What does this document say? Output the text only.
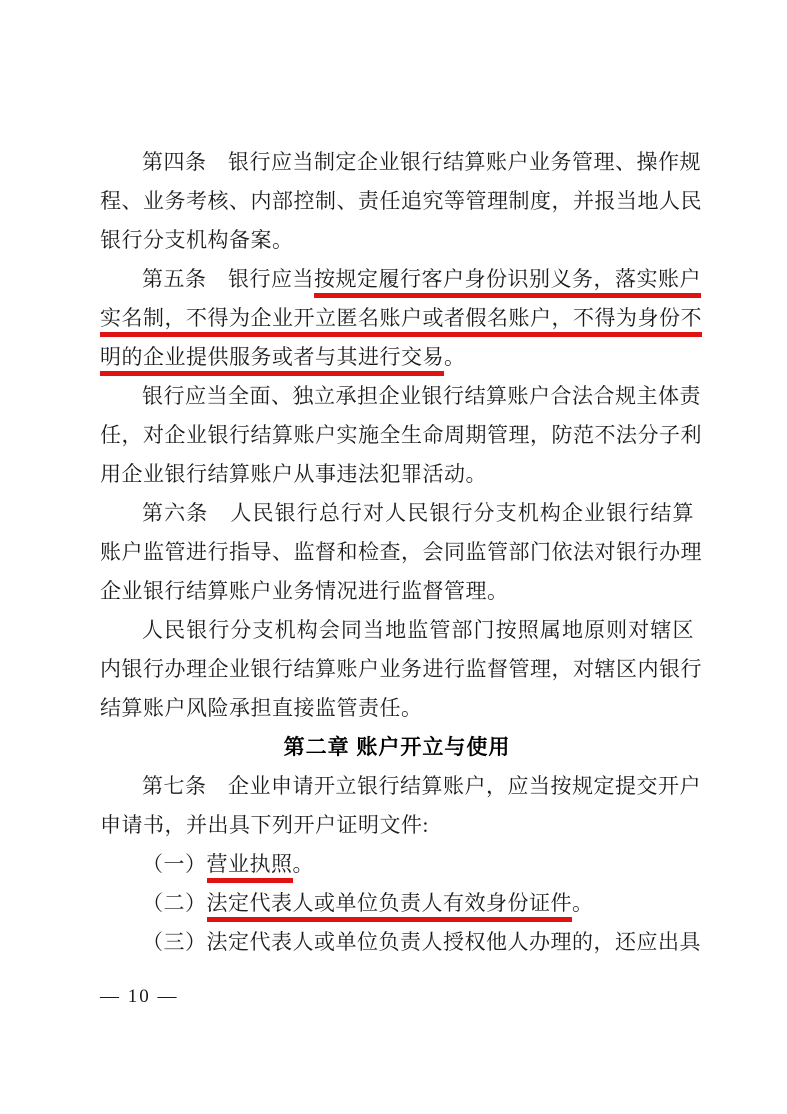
第四条　银行应当制定企业银行结算账户业务管理、操作规
程、业务考核、内部控制、责任追究等管理制度，并报当地人民
银行分支机构备案。
第五条　银行应当按规定履行客户身份识别义务，落实账户
实名制，不得为企业开立匿名账户或者假名账户，不得为身份不
明的企业提供服务或者与其进行交易。
银行应当全面、独立承担企业银行结算账户合法合规主体责
任，对企业银行结算账户实施全生命周期管理，防范不法分子利
用企业银行结算账户从事违法犯罪活动。
第六条　人民银行总行对人民银行分支机构企业银行结算
账户监管进行指导、监督和检查，会同监管部门依法对银行办理
企业银行结算账户业务情况进行监督管理。
人民银行分支机构会同当地监管部门按照属地原则对辖区
内银行办理企业银行结算账户业务进行监督管理，对辖区内银行
结算账户风险承担直接监管责任。
第二章 账户开立与使用
第七条　企业申请开立银行结算账户，应当按规定提交开户
申请书，并出具下列开户证明文件:
（一）营业执照。
（二）法定代表人或单位负责人有效身份证件。
（三）法定代表人或单位负责人授权他人办理的，还应出具
— 10 —
